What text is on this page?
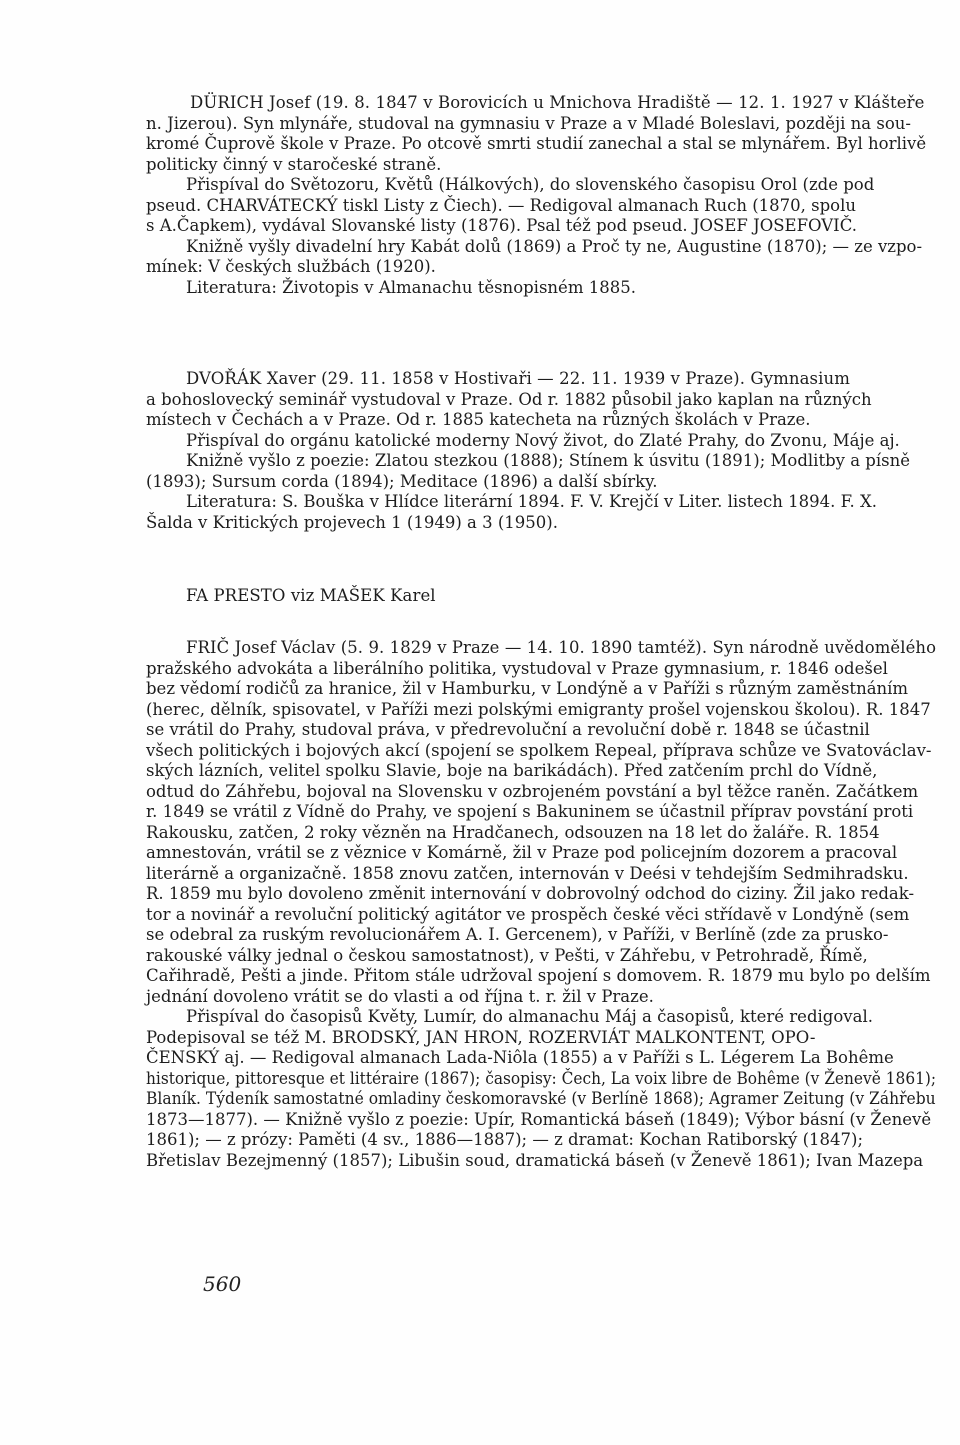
DÜRICH Josef (19. 8. 1847 v Borovicích u Mnichova Hradiště — 12. 1. 1927 v Klášteře

n. Jizerou). Syn mlynáře, studoval na gymnasiu v Praze a v Mladé Boleslavi, později na sou-

kromé Čuprově škole v Praze. Po otcově smrti studií zanechal a stal se mlynářem. Byl horlivě

politicky činný v staročeské straně.

Přispíval do Světozoru, Květů (Hálkových), do slovenského časopisu Orol (zde pod

pseud. CHARVÁTECKÝ tiskl Listy z Čiech). — Redigoval almanach Ruch (1870, spolu

s A.Čapkem), vydával Slovanské listy (1876). Psal též pod pseud. JOSEF JOSEFOVIČ.

Knižně vyšly divadelní hry Kabát dolů (1869) a Proč ty ne, Augustine (1870); — ze vzpo-

mínek: V českých službách (1920).

Literatura: Životopis v Almanachu těsnopisném 1885.

DVOŘÁK Xaver (29. 11. 1858 v Hostivaři — 22. 11. 1939 v Praze). Gymnasium

a bohoslovecký seminář vystudoval v Praze. Od r. 1882 působil jako kaplan na různých

místech v Čechách a v Praze. Od r. 1885 katecheta na různých školách v Praze.

Přispíval do orgánu katolické moderny Nový život, do Zlaté Prahy, do Zvonu, Máje aj.

Knižně vyšlo z poezie: Zlatou stezkou (1888); Stínem k úsvitu (1891); Modlitby a písně

(1893); Sursum corda (1894); Meditace (1896) a další sbírky.

Literatura: S. Bouška v Hlídce literární 1894. F. V. Krejčí v Liter. listech 1894. F. X.

Šalda v Kritických projevech 1 (1949) a 3 (1950).

FA PRESTO viz MAŠEK Karel

FRIČ Josef Václav (5. 9. 1829 v Praze — 14. 10. 1890 tamtéž). Syn národně uvědomělého

pražského advokáta a liberálního politika, vystudoval v Praze gymnasium, r. 1846 odešel

bez vědomí rodičů za hranice, žil v Hamburku, v Londýně a v Paříži s různým zaměstnáním

(herec, dělník, spisovatel, v Paříži mezi polskými emigranty prošel vojenskou školou). R. 1847

se vrátil do Prahy, studoval práva, v předrevoluční a revoluční době r. 1848 se účastnil

všech politických i bojových akcí (spojení se spolkem Repeal, příprava schůze ve Svatováclav-

ských lázních, velitel spolku Slavie, boje na barikádách). Před zatčením prchl do Vídně,

odtud do Záhřebu, bojoval na Slovensku v ozbrojeném povstání a byl těžce raněn. Začátkem

r. 1849 se vrátil z Vídně do Prahy, ve spojení s Bakuninem se účastnil příprav povstání proti

Rakousku, zatčen, 2 roky vězněn na Hradčanech, odsouzen na 18 let do žaláře. R. 1854

amnestován, vrátil se z věznice v Komárně, žil v Praze pod policejním dozorem a pracoval

literárně a organizačně. 1858 znovu zatčen, internován v Deési v tehdejším Sedmihradsku.

R. 1859 mu bylo dovoleno změnit internování v dobrovolný odchod do ciziny. Žil jako redak-

tor a novinář a revoluční politický agitátor ve prospěch české věci střídavě v Londýně (sem

se odebral za ruským revolucionářem A. I. Gercenem), v Paříži, v Berlíně (zde za prusko-

rakouské války jednal o českou samostatnost), v Pešti, v Záhřebu, v Petrohradě, Římě,

Cařihradě, Pešti a jinde. Přitom stále udržoval spojení s domovem. R. 1879 mu bylo po delším

jednání dovoleno vrátit se do vlasti a od října t. r. žil v Praze.

Přispíval do časopisů Květy, Lumír, do almanachu Máj a časopisů, které redigoval.

Podepisoval se též M. BRODSKÝ, JAN HRON, ROZERVIÁT MALKONTENT, OPO-

ČENSKÝ aj. — Redigoval almanach Lada-Niôla (1855) a v Paříži s L. Légerem La Bohême

historique, pittoresque et littéraire (1867); časopisy: Čech, La voix libre de Bohême (v Ženevě 1861);

Blaník. Týdeník samostatné omladiny českomoravské (v Berlíně 1868); Agramer Zeitung (v Záhřebu

1873—1877). — Knižně vyšlo z poezie: Upír, Romantická báseň (1849); Výbor básní (v Ženevě

1861); — z prózy: Paměti (4 sv., 1886—1887); — z dramat: Kochan Ratiborský (1847);

Břetislav Bezejmenný (1857); Libušin soud, dramatická báseň (v Ženevě 1861); Ivan Mazepa

560
